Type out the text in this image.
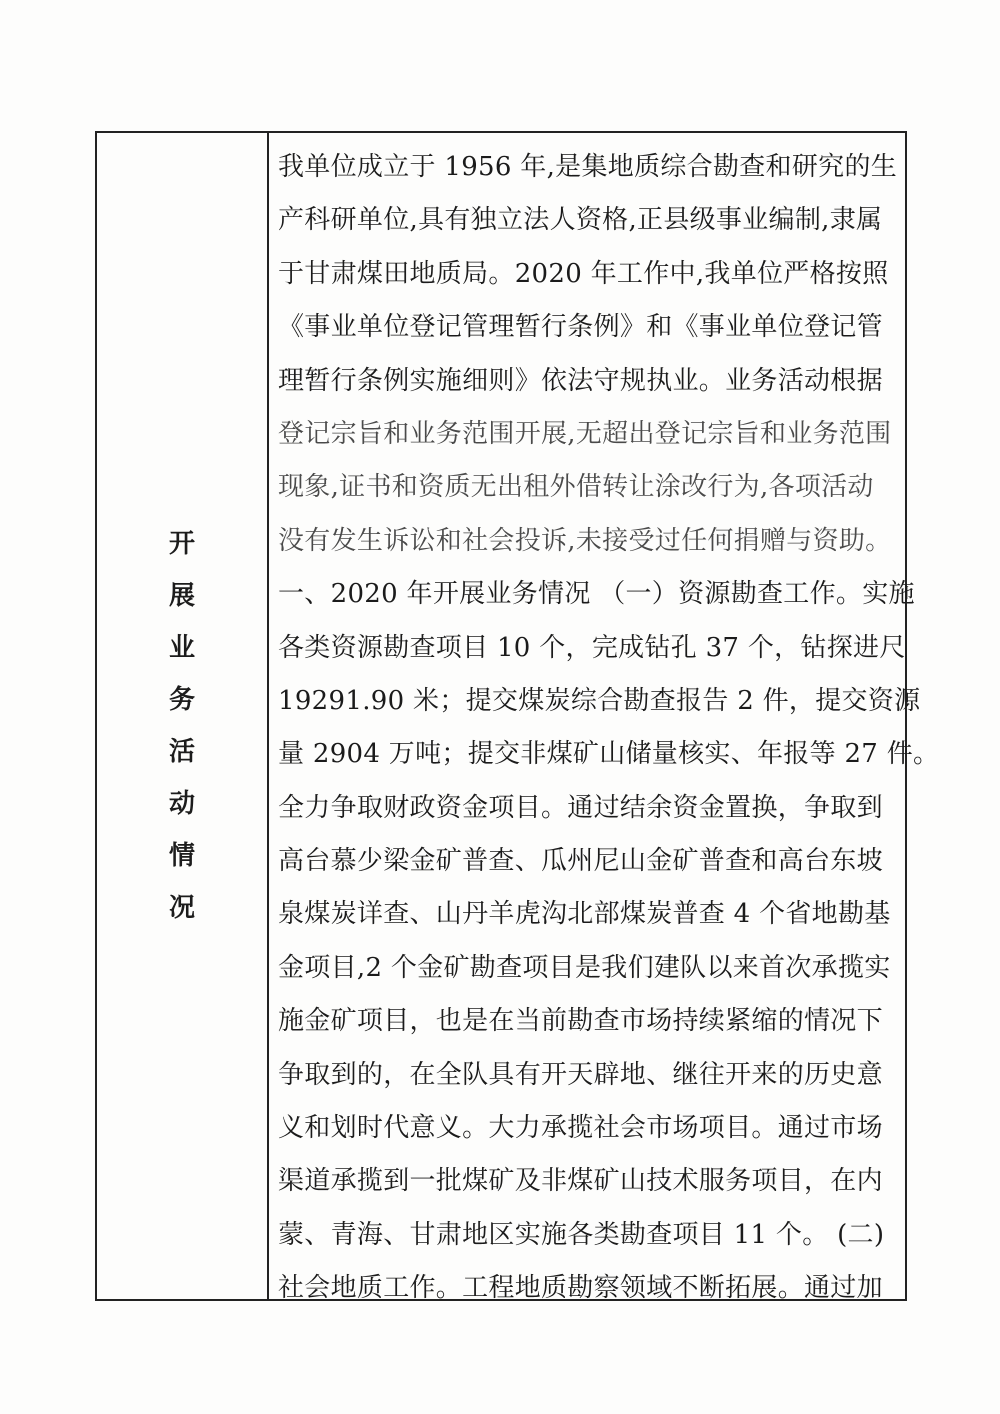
开
展
业
务
活
动
情
况
我单位成立于 1956 年,是集地质综合勘查和研究的生
产科研单位,具有独立法人资格,正县级事业编制,隶属
于甘肃煤田地质局。2020 年工作中,我单位严格按照
《事业单位登记管理暂行条例》和《事业单位登记管
理暂行条例实施细则》依法守规执业。业务活动根据
登记宗旨和业务范围开展,无超出登记宗旨和业务范围
现象,证书和资质无出租外借转让涂改行为,各项活动
没有发生诉讼和社会投诉,未接受过任何捐赠与资助。
一、2020 年开展业务情况 （一）资源勘查工作。实施
各类资源勘查项目 10 个，完成钻孔 37 个，钻探进尺
19291.90 米；提交煤炭综合勘查报告 2 件，提交资源
量 2904 万吨；提交非煤矿山储量核实、年报等 27 件。
全力争取财政资金项目。通过结余资金置换，争取到
高台慕少梁金矿普查、瓜州尼山金矿普查和高台东坡
泉煤炭详查、山丹羊虎沟北部煤炭普查 4 个省地勘基
金项目,2 个金矿勘查项目是我们建队以来首次承揽实
施金矿项目，也是在当前勘查市场持续紧缩的情况下
争取到的，在全队具有开天辟地、继往开来的历史意
义和划时代意义。大力承揽社会市场项目。通过市场
渠道承揽到一批煤矿及非煤矿山技术服务项目，在内
蒙、青海、甘肃地区实施各类勘查项目 11 个。 (二)
社会地质工作。工程地质勘察领域不断拓展。通过加
